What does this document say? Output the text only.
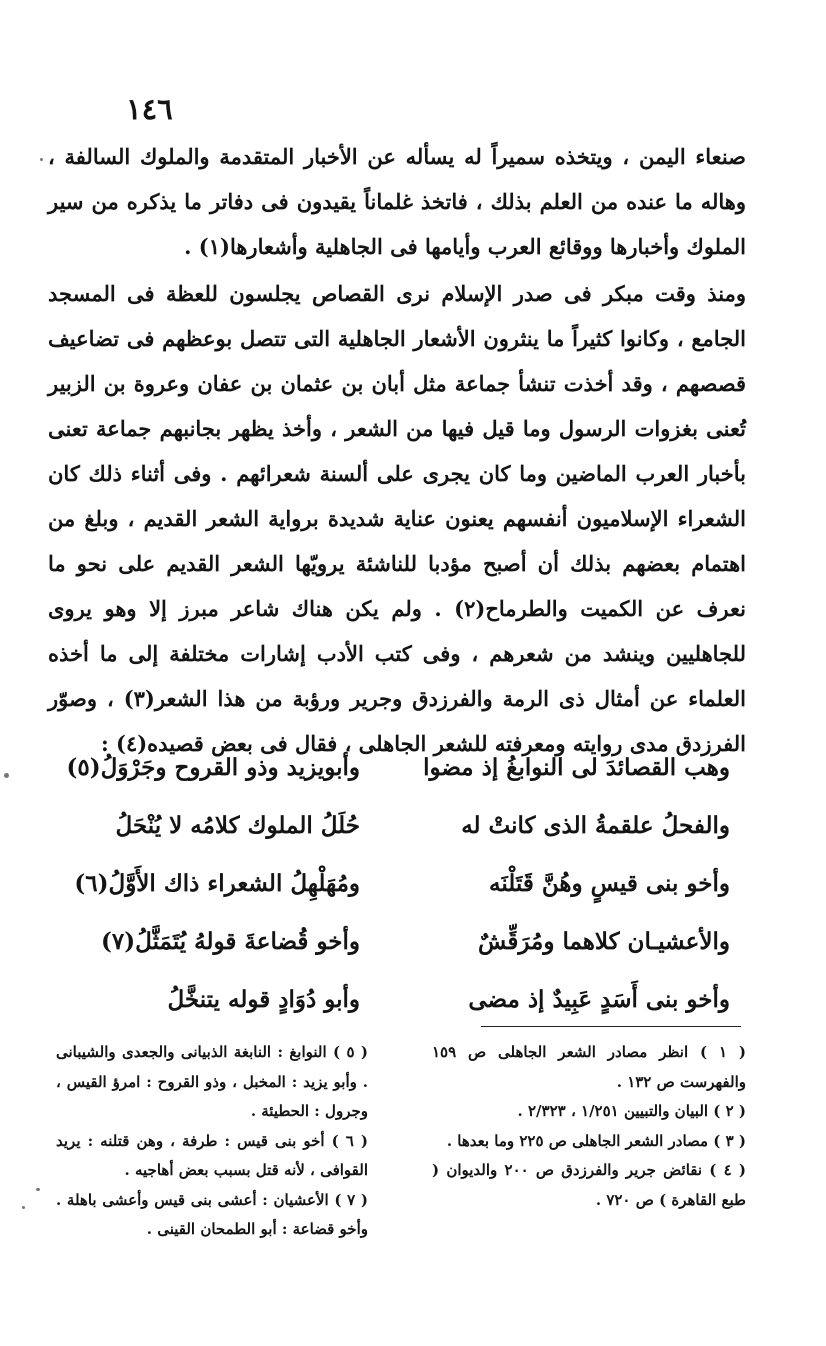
١٤٦

صنعاء اليمن ، ويتخذه سميراً له يسأله عن الأخبار المتقدمة والملوك السالفة ، وهاله ما عنده من العلم بذلك ، فاتخذ غلماناً يقيدون فى دفاتر ما يذكره من سير الملوك وأخبارها ووقائع العرب وأيامها فى الجاهلية وأشعارها(١) .

ومنذ وقت مبكر فى صدر الإسلام نرى القصاص يجلسون للعظة فى المسجد الجامع ، وكانوا كثيراً ما ينثرون الأشعار الجاهلية التى تتصل بوعظهم فى تضاعيف قصصهم ، وقد أخذت تنشأ جماعة مثل أبان بن عثمان بن عفان وعروة بن الزبير تُعنى بغزوات الرسول وما قيل فيها من الشعر ، وأخذ يظهر بجانبهم جماعة تعنى بأخبار العرب الماضين وما كان يجرى على ألسنة شعرائهم . وفى أثناء ذلك كان الشعراء الإسلاميون أنفسهم يعنون عناية شديدة برواية الشعر القديم ، وبلغ من اهتمام بعضهم بذلك أن أصبح مؤدبا للناشئة يرويّها الشعر القديم على نحو ما نعرف عن الكميت والطرماح(٢) . ولم يكن هناك شاعر مبرز إلا وهو يروى للجاهليين وينشد من شعرهم ، وفى كتب الأدب إشارات مختلفة إلى ما أخذه العلماء عن أمثال ذى الرمة والفرزدق وجرير ورؤبة من هذا الشعر(٣) ، وصوّر الفرزدق مدى روايته ومعرفته للشعر الجاهلى ، فقال فى بعض قصيده(٤) :

وهب القصائدَ لى النوابغُ إذ مضوا
وأبويزيد وذو القروح وجَرْوَلُ(٥)
والفحلُ علقمةُ الذى كانتْ له
حُلَلُ الملوك كلامُه لا يُنْحَلُ
وأخو بنى قيسٍ وهُنَّ قَتَلْنَه
ومُهَلْهِلُ الشعراء ذاك الأَوَّلُ(٦)
والأعشيـان كلاهما ومُرَقِّشٌ
وأخو قُضاعةَ قولهُ يُتَمَثَّلُ(٧)
وأخو بنى أَسَدٍ عَبِيدٌ إذ مضى
وأبو دُوَادٍ قوله يتنخَّلُ

( ١ ) انظر مصادر الشعر الجاهلى ص ١٥٩ والفهرست ص ١٣٢ .

( ٢ ) البيان والتبيين ١/٢٥١ ، ٢/٣٢٣ .

( ٣ ) مصادر الشعر الجاهلى ص ٢٢٥ وما بعدها .

( ٤ ) نقائض جرير والفرزدق ص ٢٠٠ والديوان ( طبع القاهرة ) ص ٧٢٠ .

( ٥ ) النوابغ : النابغة الذبيانى والجعدى والشيبانى . وأبو يزيد : المخبل ، وذو القروح : امرؤ القيس ، وجرول : الحطيئة .

( ٦ ) أخو بنى قيس : طرفة ، وهن قتلنه : يريد القوافى ، لأنه قتل بسبب بعض أهاجيه .

( ٧ ) الأعشيان : أعشى بنى قيس وأعشى باهلة . وأخو قضاعة : أبو الطمحان القينى .
